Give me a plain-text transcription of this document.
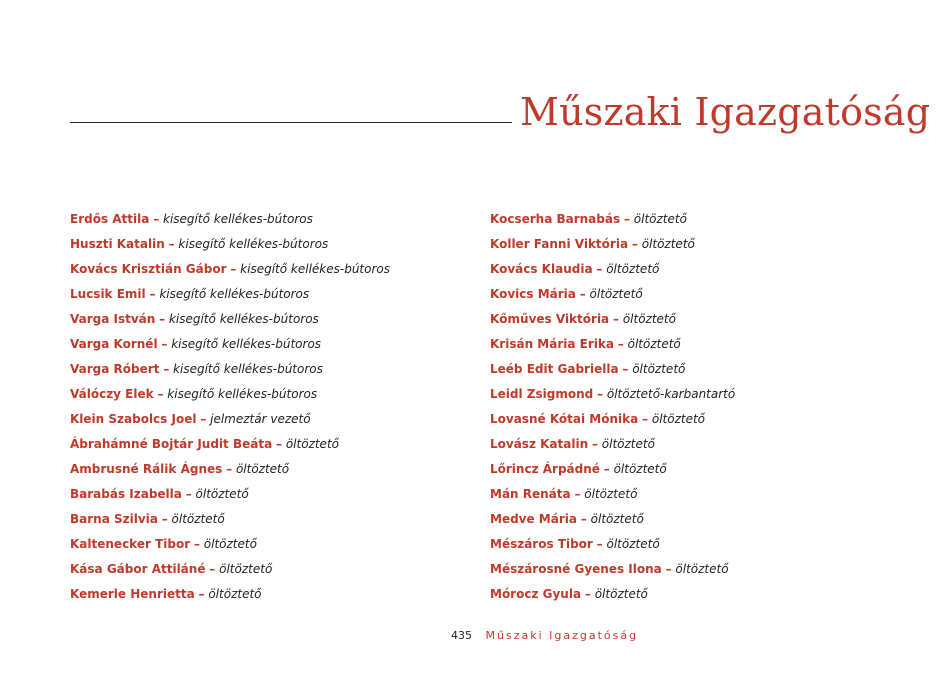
Műszaki Igazgatóság
Erdős Attila – kisegítő kellékes-bútoros
Huszti Katalin – kisegítő kellékes-bútoros
Kovács Krisztián Gábor – kisegítő kellékes-bútoros
Lucsik Emil – kisegítő kellékes-bútoros
Varga István – kisegítő kellékes-bútoros
Varga Kornél – kisegítő kellékes-bútoros
Varga Róbert – kisegítő kellékes-bútoros
Válóczy Elek – kisegítő kellékes-bútoros
Klein Szabolcs Joel – jelmeztár vezető
Ábrahámné Bojtár Judit Beáta – öltöztető
Ambrusné Rálik Ágnes – öltöztető
Barabás Izabella – öltöztető
Barna Szilvia – öltöztető
Kaltenecker Tibor – öltöztető
Kása Gábor Attiláné – öltöztető
Kemerle Henrietta – öltöztető
Kocserha Barnabás – öltöztető
Koller Fanni Viktória – öltöztető
Kovács Klaudia – öltöztető
Kovics Mária – öltöztető
Kőműves Viktória – öltöztető
Krisán Mária Erika – öltöztető
Leéb Edit Gabriella – öltöztető
Leidl Zsigmond – öltöztető-karbantartó
Lovasné Kótai Mónika – öltöztető
Lovász Katalin – öltöztető
Lőrincz Árpádné – öltöztető
Mán Renáta – öltöztető
Medve Mária – öltöztető
Mészáros Tibor – öltöztető
Mészárosné Gyenes Ilona – öltöztető
Mórocz Gyula – öltöztető
435 Műszaki Igazgatóság
